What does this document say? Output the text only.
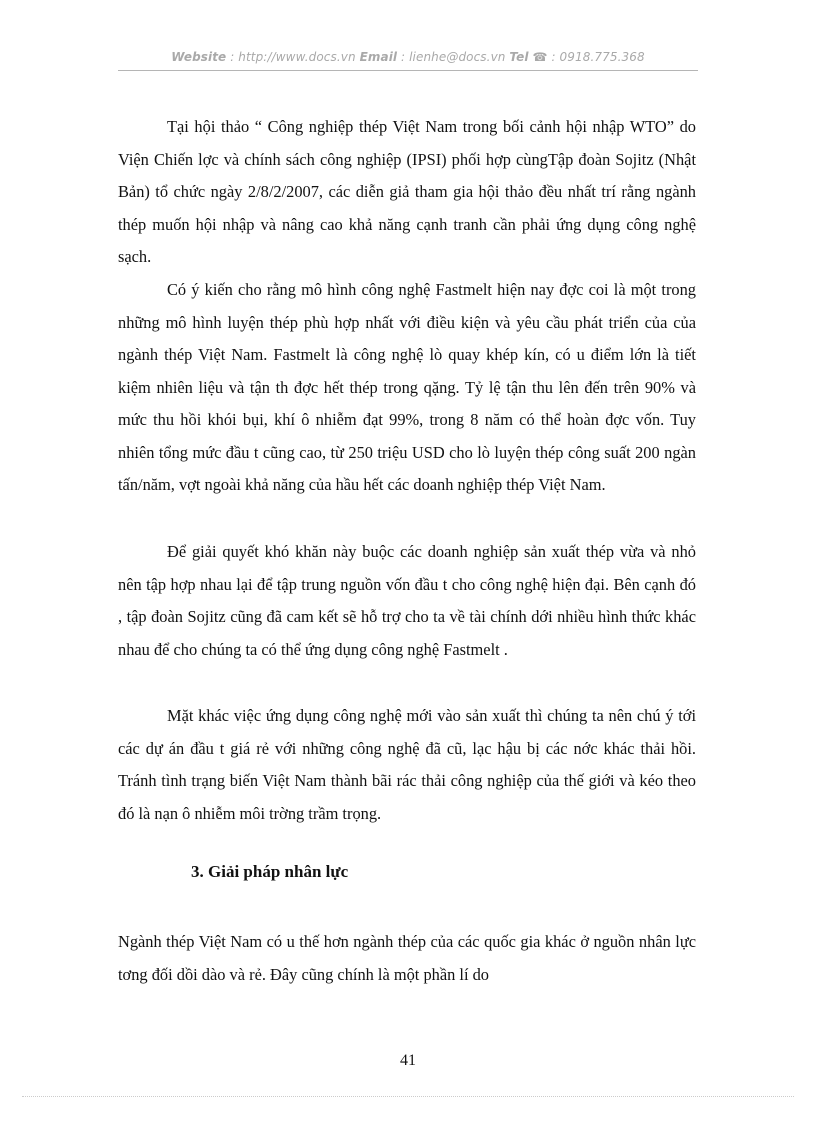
Website : http://www.docs.vn Email : lienhe@docs.vn Tel ☎ : 0918.775.368

Tại hội thảo “ Công nghiệp thép Việt Nam trong bối cảnh hội nhập WTO” do Viện Chiến lợc và chính sách công nghiệp (IPSI) phối hợp cùngTập đoàn Sojitz (Nhật Bản) tổ chức ngày 2/8/2/2007, các diễn giả tham gia hội thảo đều nhất trí rằng ngành thép muốn hội nhập và nâng cao khả năng cạnh tranh cần phải ứng dụng công nghệ sạch.

Có ý kiến cho rằng mô hình công nghệ Fastmelt hiện nay đợc coi là một trong những mô hình luyện thép phù hợp nhất với điều kiện và yêu cầu phát triển của của ngành thép Việt Nam. Fastmelt là công nghệ lò quay khép kín, có u điểm lớn là tiết kiệm nhiên liệu và tận th đợc hết thép trong qặng. Tỷ lệ tận thu lên đến trên 90% và mức thu hồi khói bụi, khí ô nhiễm đạt 99%, trong 8 năm có thể hoàn đợc vốn. Tuy nhiên tổng mức đầu t cũng cao, từ 250 triệu USD cho lò luyện thép công suất 200 ngàn tấn/năm, vợt ngoài khả năng của hầu hết các doanh nghiệp thép Việt Nam.

Để giải quyết khó khăn này buộc các doanh nghiệp sản xuất thép vừa và nhỏ nên tập hợp nhau lại để tập trung nguồn vốn đầu t cho công nghệ hiện đại. Bên cạnh đó , tập đoàn Sojitz cũng đã cam kết sẽ hỗ trợ cho ta về tài chính dới nhiều hình thức khác nhau để cho chúng ta có thể ứng dụng công nghệ Fastmelt .

Mặt khác việc ứng dụng công nghệ mới vào sản xuất thì chúng ta nên chú ý tới các dự án đầu t giá rẻ với những công nghệ đã cũ, lạc hậu bị các nớc khác thải hồi. Tránh tình trạng biến Việt Nam thành bãi rác thải công nghiệp của thế giới và kéo theo đó là nạn ô nhiễm môi trờng trầm trọng.

3. Giải pháp nhân lực

Ngành thép Việt Nam có u thế hơn ngành thép của các quốc gia khác ở nguồn nhân lực tơng đối dồi dào và rẻ. Đây cũng chính là một phần lí do

41
